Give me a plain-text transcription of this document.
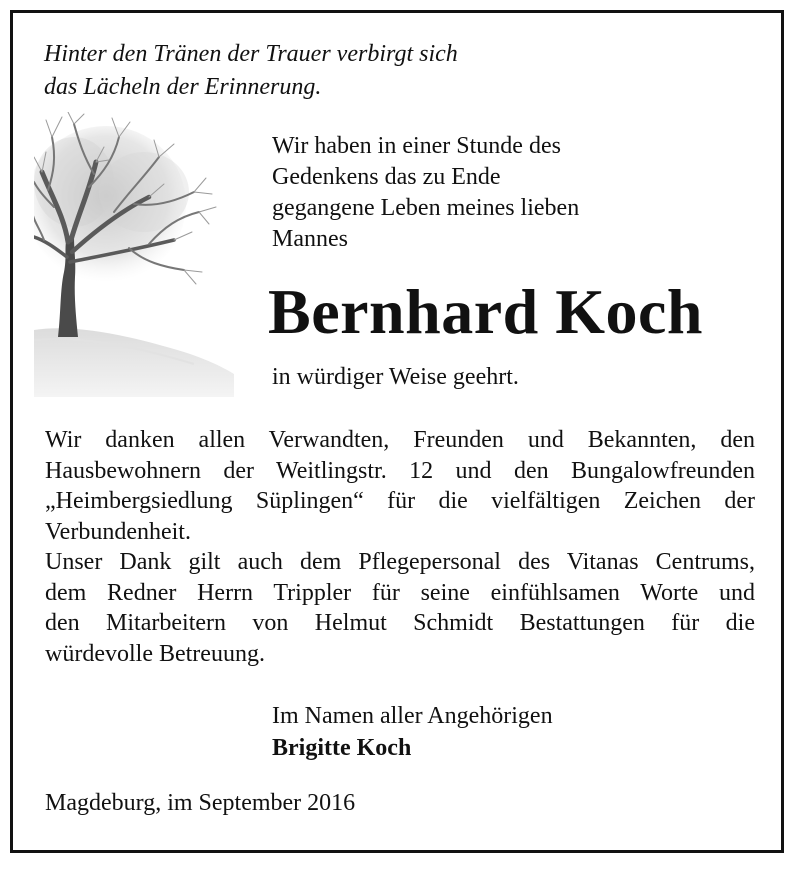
Hinter den Tränen der Trauer verbirgt sich
das Lächeln der Erinnerung.

Wir haben in einer Stunde des
Gedenkens das zu Ende
gegangene Leben meines lieben
Mannes

Bernhard Koch

in würdiger Weise geehrt.

Wir danken allen Verwandten, Freunden und Bekannten, den
Hausbewohnern der Weitlingstr. 12 und den Bungalowfreunden
„Heimbergsiedlung Süplingen“ für die vielfältigen Zeichen der
Verbundenheit.
Unser Dank gilt auch dem Pflegepersonal des Vitanas Centrums,
dem Redner Herrn Trippler für seine einfühlsamen Worte und
den Mitarbeitern von Helmut Schmidt Bestattungen für die
würdevolle Betreuung.

Im Namen aller Angehörigen
Brigitte Koch

Magdeburg, im September 2016
